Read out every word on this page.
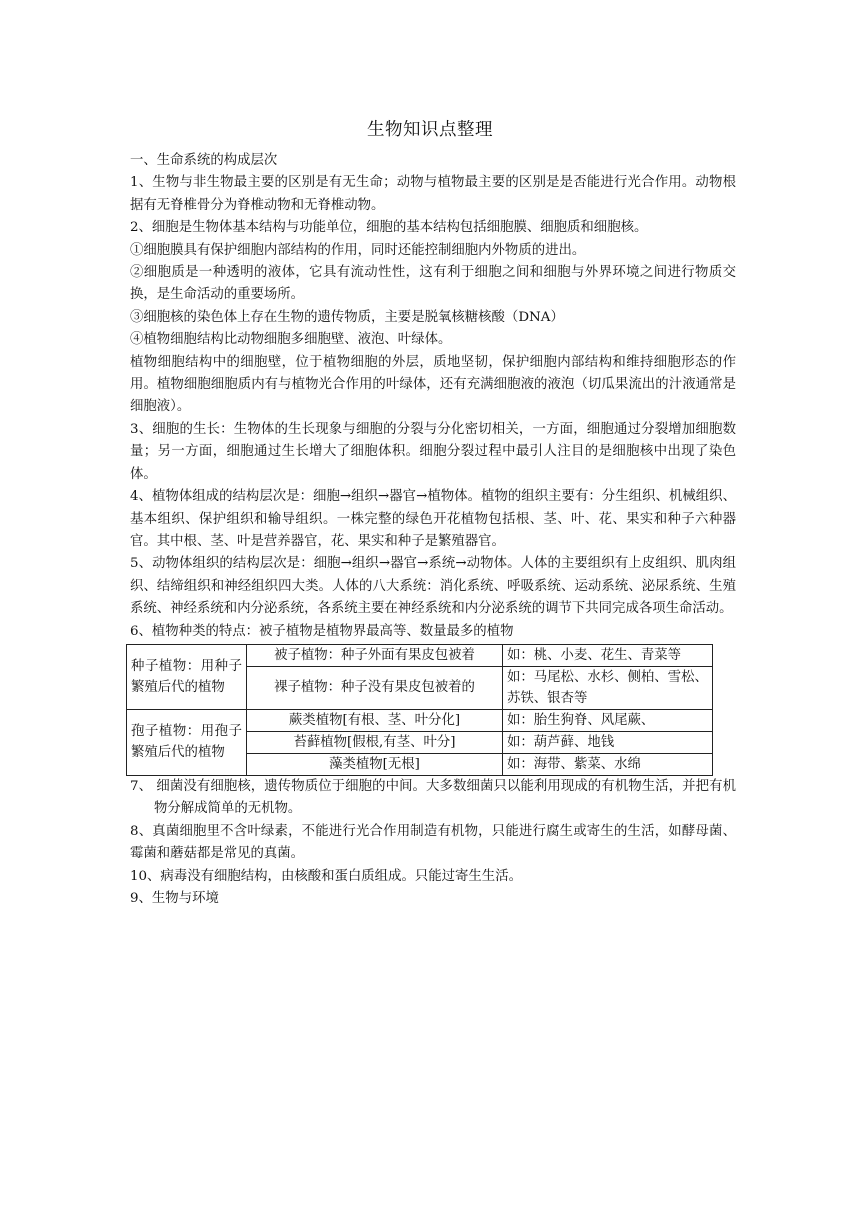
生物知识点整理

一、生命系统的构成层次

1、生物与非生物最主要的区别是有无生命；动物与植物最主要的区别是是否能进行光合作用。动物根据有无脊椎骨分为脊椎动物和无脊椎动物。

2、细胞是生物体基本结构与功能单位，细胞的基本结构包括细胞膜、细胞质和细胞核。

①细胞膜具有保护细胞内部结构的作用，同时还能控制细胞内外物质的进出。

②细胞质是一种透明的液体，它具有流动性性，这有利于细胞之间和细胞与外界环境之间进行物质交换，是生命活动的重要场所。

③细胞核的染色体上存在生物的遗传物质，主要是脱氧核糖核酸（DNA）

④植物细胞结构比动物细胞多细胞壁、液泡、叶绿体。

植物细胞结构中的细胞壁，位于植物细胞的外层，质地坚韧，保护细胞内部结构和维持细胞形态的作用。植物细胞细胞质内有与植物光合作用的叶绿体，还有充满细胞液的液泡（切瓜果流出的汁液通常是细胞液）。

3、细胞的生长：生物体的生长现象与细胞的分裂与分化密切相关，一方面，细胞通过分裂增加细胞数量；另一方面，细胞通过生长增大了细胞体积。细胞分裂过程中最引人注目的是细胞核中出现了染色体。

4、植物体组成的结构层次是：细胞→组织→器官→植物体。植物的组织主要有：分生组织、机械组织、基本组织、保护组织和输导组织。一株完整的绿色开花植物包括根、茎、叶、花、果实和种子六种器官。其中根、茎、叶是营养器官，花、果实和种子是繁殖器官。

5、动物体组织的结构层次是：细胞→组织→器官→系统→动物体。人体的主要组织有上皮组织、肌肉组织、结缔组织和神经组织四大类。人体的八大系统：消化系统、呼吸系统、运动系统、泌尿系统、生殖系统、神经系统和内分泌系统，各系统主要在神经系统和内分泌系统的调节下共同完成各项生命活动。

6、植物种类的特点：被子植物是植物界最高等、数量最多的植物

种子植物：用种子繁殖后代的植物	被子植物：种子外面有果皮包被着	如：桃、小麦、花生、青菜等
	裸子植物：种子没有果皮包被着的	如：马尾松、水杉、侧柏、雪松、苏铁、银杏等
孢子植物：用孢子繁殖后代的植物	蕨类植物[有根、茎、叶分化]	如：胎生狗脊、风尾蕨、
	苔藓植物[假根,有茎、叶分]	如：葫芦藓、地钱
	藻类植物[无根]	如：海带、紫菜、水绵

7、 细菌没有细胞核，遗传物质位于细胞的中间。大多数细菌只以能利用现成的有机物生活，并把有机物分解成简单的无机物。

8、真菌细胞里不含叶绿素，不能进行光合作用制造有机物，只能进行腐生或寄生的生活，如酵母菌、霉菌和蘑菇都是常见的真菌。

10、病毒没有细胞结构，由核酸和蛋白质组成。只能过寄生生活。

9、生物与环境
